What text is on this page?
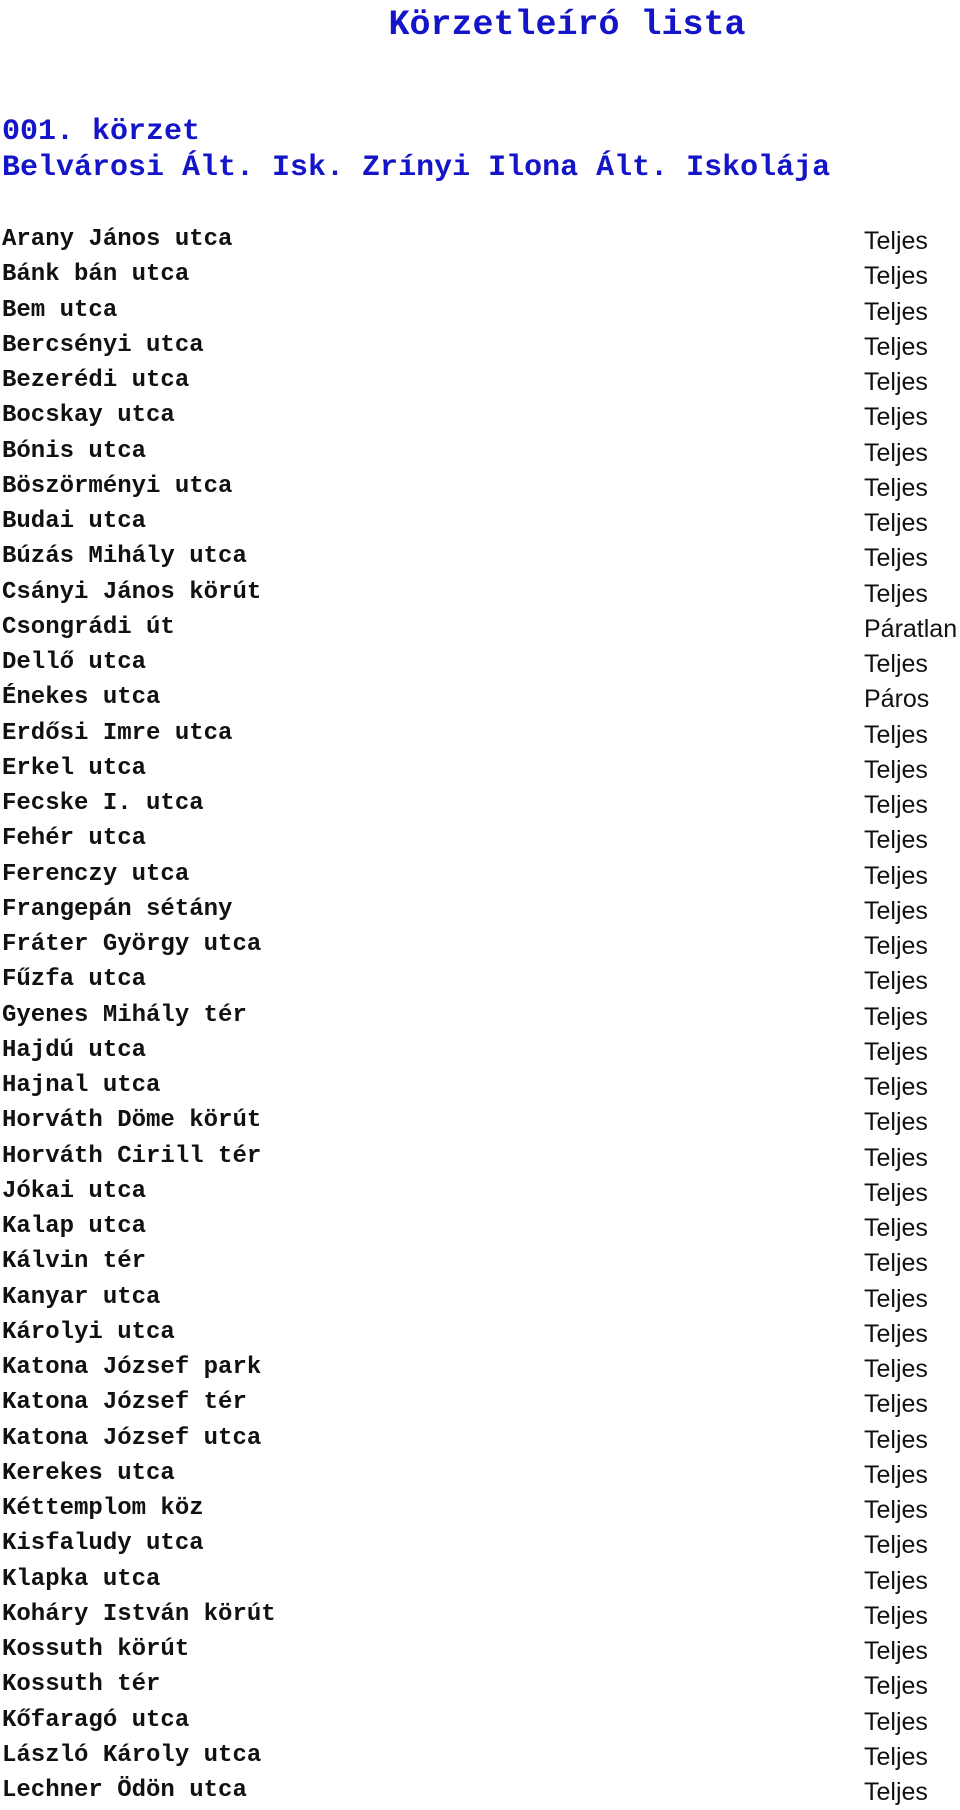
Körzetleíró lista
001. körzet
Belvárosi Ált. Isk. Zrínyi Ilona Ált. Iskolája
Arany János utca	Teljes
Bánk bán utca	Teljes
Bem utca	Teljes
Bercsényi utca	Teljes
Bezerédi utca	Teljes
Bocskay utca	Teljes
Bónis utca	Teljes
Böszörményi utca	Teljes
Budai utca	Teljes
Búzás Mihály utca	Teljes
Csányi János körút	Teljes
Csongrádi út	Páratlan
Dellő utca	Teljes
Énekes utca	Páros
Erdősi Imre utca	Teljes
Erkel utca	Teljes
Fecske I. utca	Teljes
Fehér utca	Teljes
Ferenczy utca	Teljes
Frangepán sétány	Teljes
Fráter György utca	Teljes
Fűzfa utca	Teljes
Gyenes Mihály tér	Teljes
Hajdú utca	Teljes
Hajnal utca	Teljes
Horváth Döme körút	Teljes
Horváth Cirill tér	Teljes
Jókai utca	Teljes
Kalap utca	Teljes
Kálvin tér	Teljes
Kanyar utca	Teljes
Károlyi utca	Teljes
Katona József park	Teljes
Katona József tér	Teljes
Katona József utca	Teljes
Kerekes utca	Teljes
Kéttemplom köz	Teljes
Kisfaludy utca	Teljes
Klapka utca	Teljes
Koháry István körút	Teljes
Kossuth körút	Teljes
Kossuth tér	Teljes
Kőfaragó utca	Teljes
László Károly utca	Teljes
Lechner Ödön utca	Teljes
